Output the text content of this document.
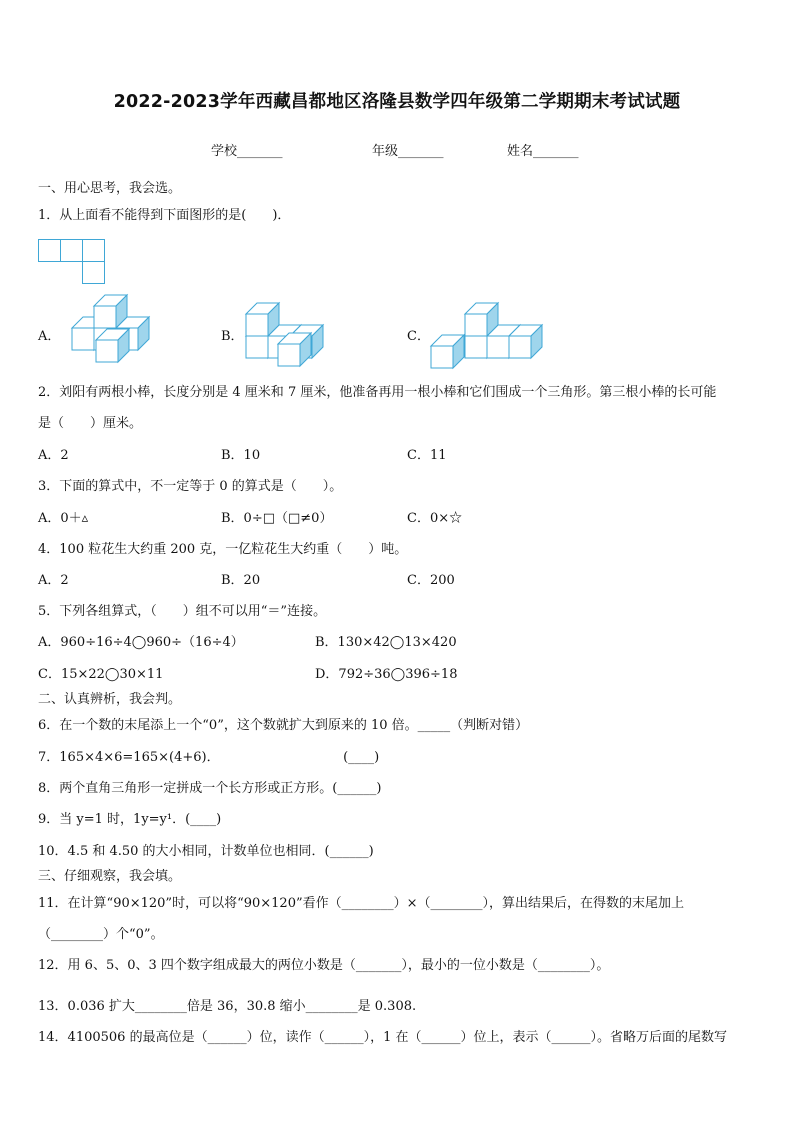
2022-2023学年西藏昌都地区洛隆县数学四年级第二学期期末考试试题
学校_______	年级_______	姓名_______
一、用心思考，我会选。
1．从上面看不能得到下面图形的是(　　)．
A．	B．	C．
2．刘阳有两根小棒，长度分别是 4 厘米和 7 厘米，他准备再用一根小棒和它们围成一个三角形。第三根小棒的长可能
是（　　）厘米。
A．2	B．10	C．11
3．下面的算式中，不一定等于 0 的算式是（　　）。
A．0＋▵	B．0÷□（□≠0）	C．0×☆
4．100 粒花生大约重 200 克，一亿粒花生大约重（　　）吨。
A．2	B．20	C．200
5．下列各组算式，（　　）组不可以用“＝”连接。
A．960÷16÷4◯960÷（16÷4）	B．130×42◯13×420
C．15×22◯30×11	D．792÷36◯396÷18
二、认真辨析，我会判。
6．在一个数的末尾添上一个“0”，这个数就扩大到原来的 10 倍。_____（判断对错）
7．165×4×6=165×(4+6)．　　　　　　　　　　(____)
8．两个直角三角形一定拼成一个长方形或正方形。(______)
9．当 y=1 时，1y=y¹．(____)
10．4.5 和 4.50 的大小相同，计数单位也相同．(______)
三、仔细观察，我会填。
11．在计算“90×120”时，可以将“90×120”看作（________）×（________），算出结果后，在得数的末尾加上
（________）个“0”。
12．用 6、5、0、3 四个数字组成最大的两位小数是（_______），最小的一位小数是（________）。
13．0.036 扩大________倍是 36，30.8 缩小________是 0.308.
14．4100506 的最高位是（______）位，读作（______），1 在（______）位上，表示（______）。省略万后面的尾数写
